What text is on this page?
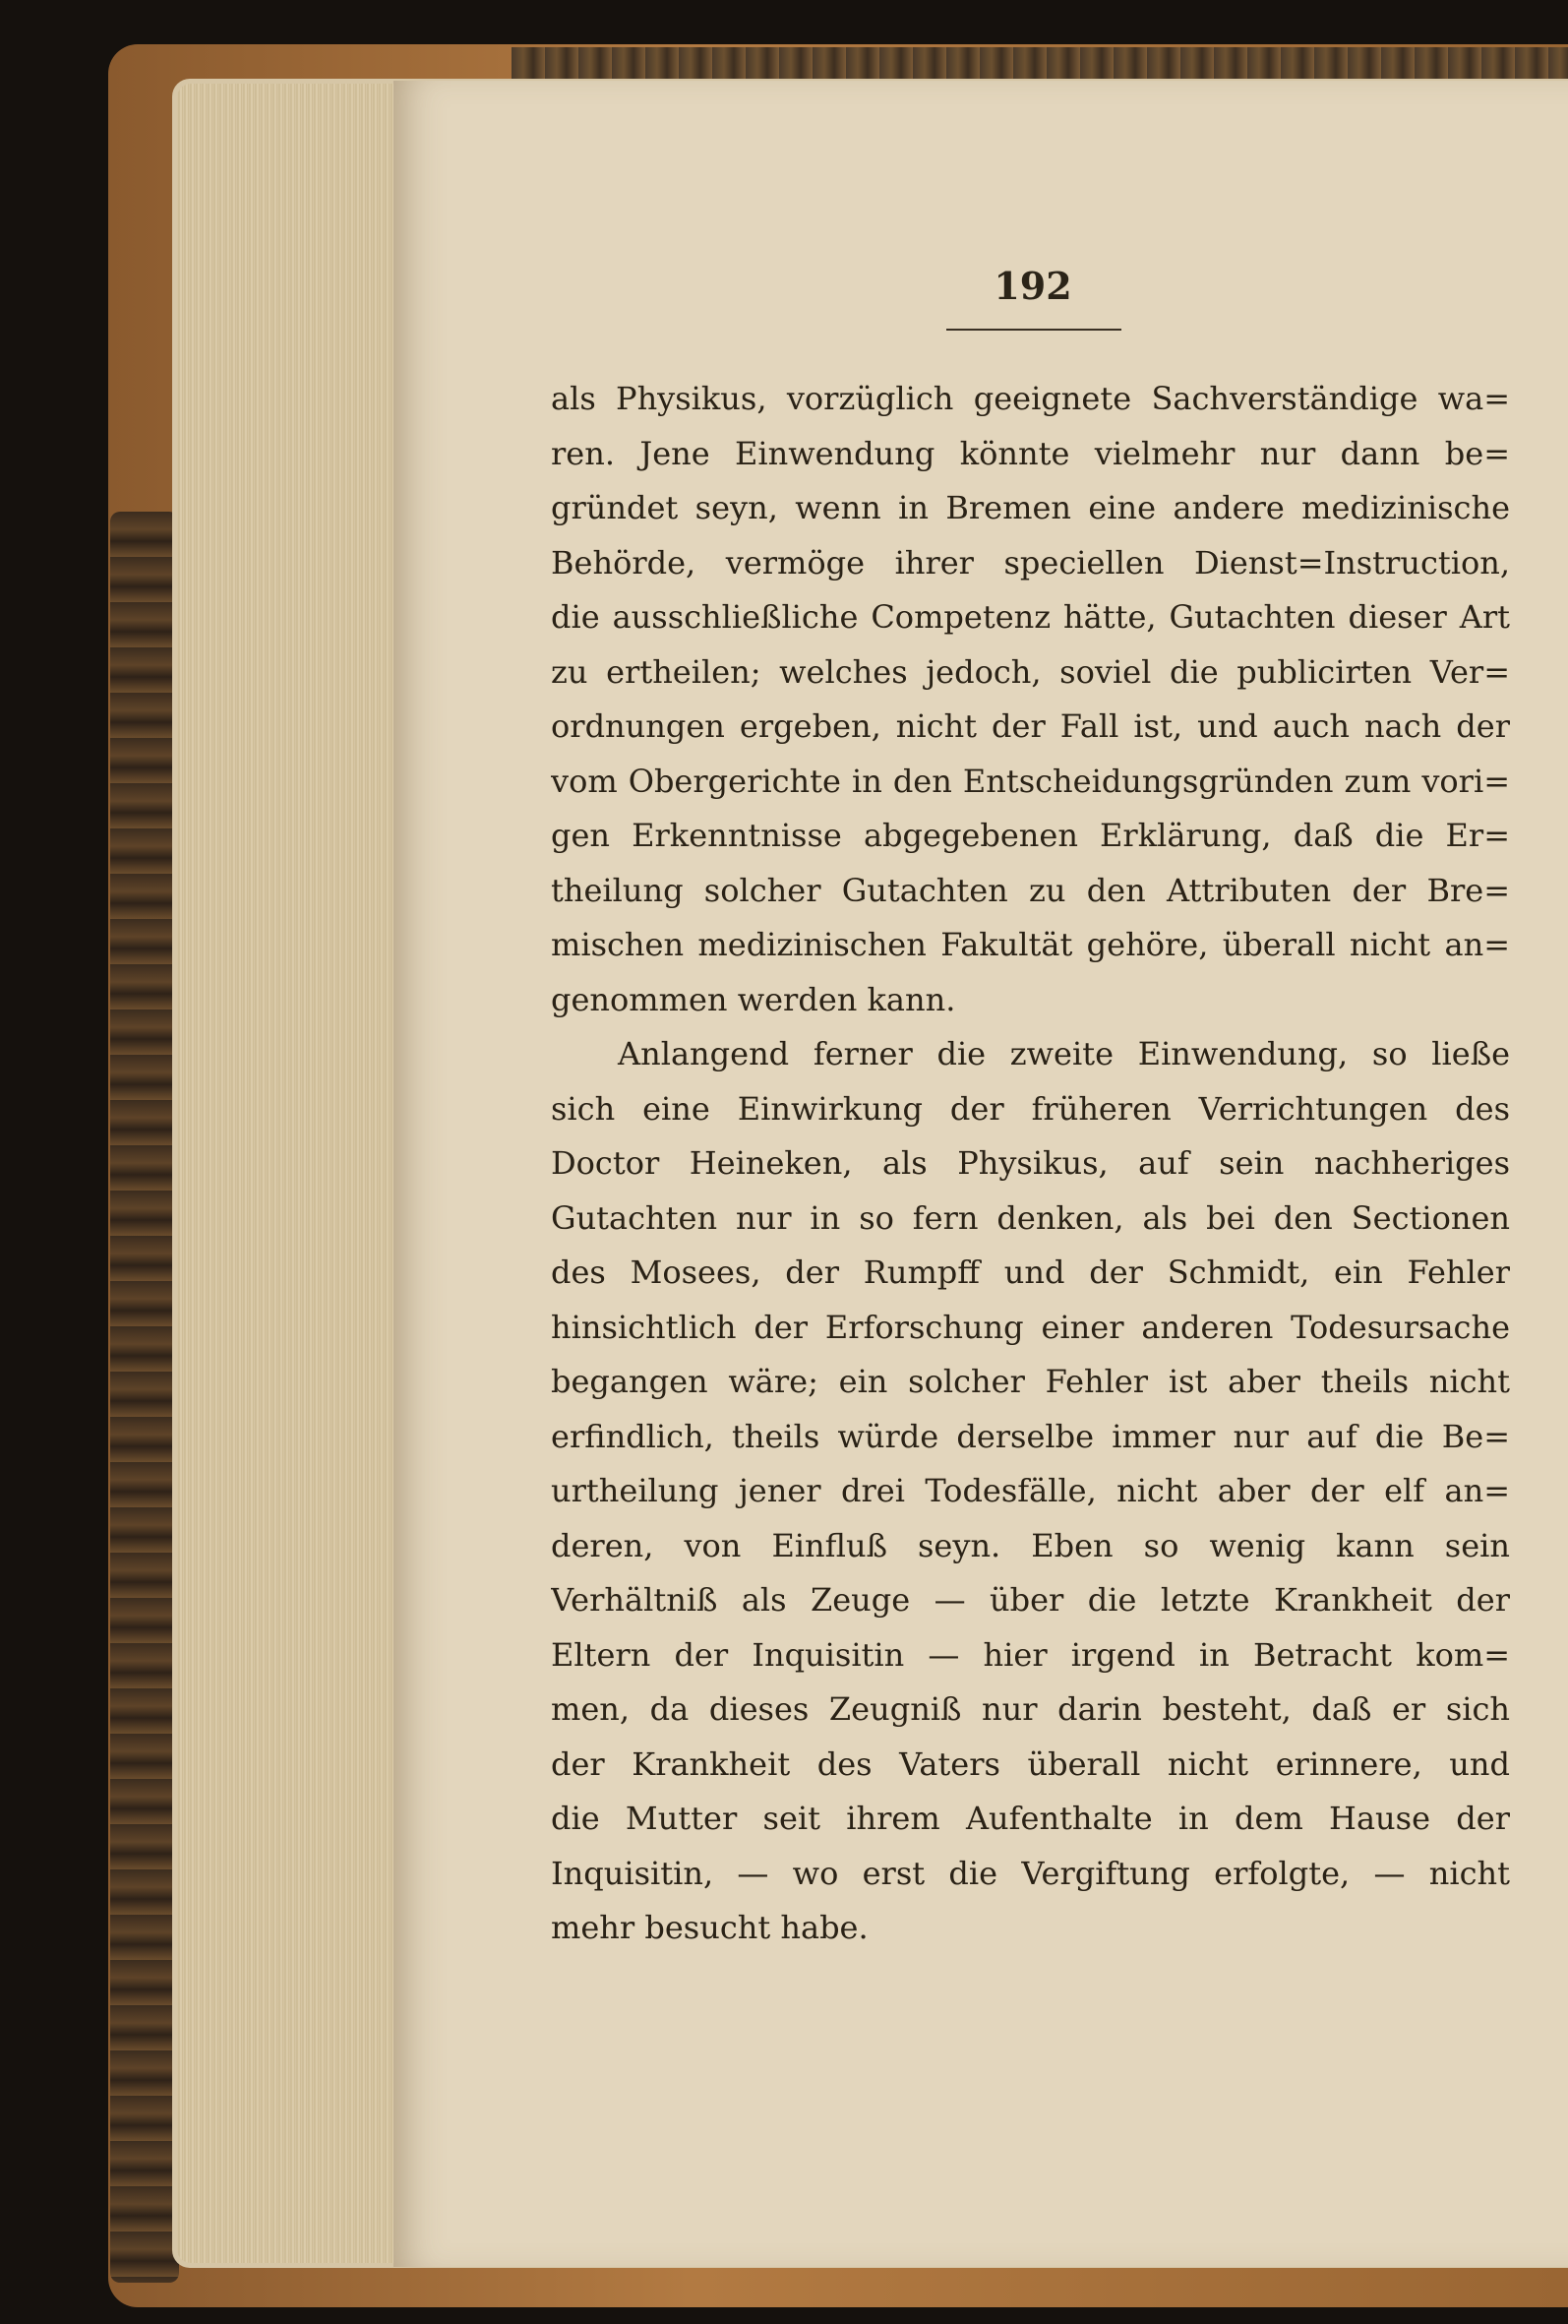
192

als Physikus, vorzüglich geeignete Sachverständige wa=
ren. Jene Einwendung könnte vielmehr nur dann be=
gründet seyn, wenn in Bremen eine andere medizinische
Behörde, vermöge ihrer speciellen Dienst=Instruction,
die ausschließliche Competenz hätte, Gutachten dieser Art
zu ertheilen; welches jedoch, soviel die publicirten Ver=
ordnungen ergeben, nicht der Fall ist, und auch nach der
vom Obergerichte in den Entscheidungsgründen zum vori=
gen Erkenntnisse abgegebenen Erklärung, daß die Er=
theilung solcher Gutachten zu den Attributen der Bre=
mischen medizinischen Fakultät gehöre, überall nicht an=
genommen werden kann.
Anlangend ferner die zweite Einwendung, so ließe
sich eine Einwirkung der früheren Verrichtungen des
Doctor Heineken, als Physikus, auf sein nachheriges
Gutachten nur in so fern denken, als bei den Sectionen
des Mosees, der Rumpff und der Schmidt, ein Fehler
hinsichtlich der Erforschung einer anderen Todesursache
begangen wäre; ein solcher Fehler ist aber theils nicht
erfindlich, theils würde derselbe immer nur auf die Be=
urtheilung jener drei Todesfälle, nicht aber der elf an=
deren, von Einfluß seyn. Eben so wenig kann sein
Verhältniß als Zeuge — über die letzte Krankheit der
Eltern der Inquisitin — hier irgend in Betracht kom=
men, da dieses Zeugniß nur darin besteht, daß er sich
der Krankheit des Vaters überall nicht erinnere, und
die Mutter seit ihrem Aufenthalte in dem Hause der
Inquisitin, — wo erst die Vergiftung erfolgte, — nicht
mehr besucht habe.
